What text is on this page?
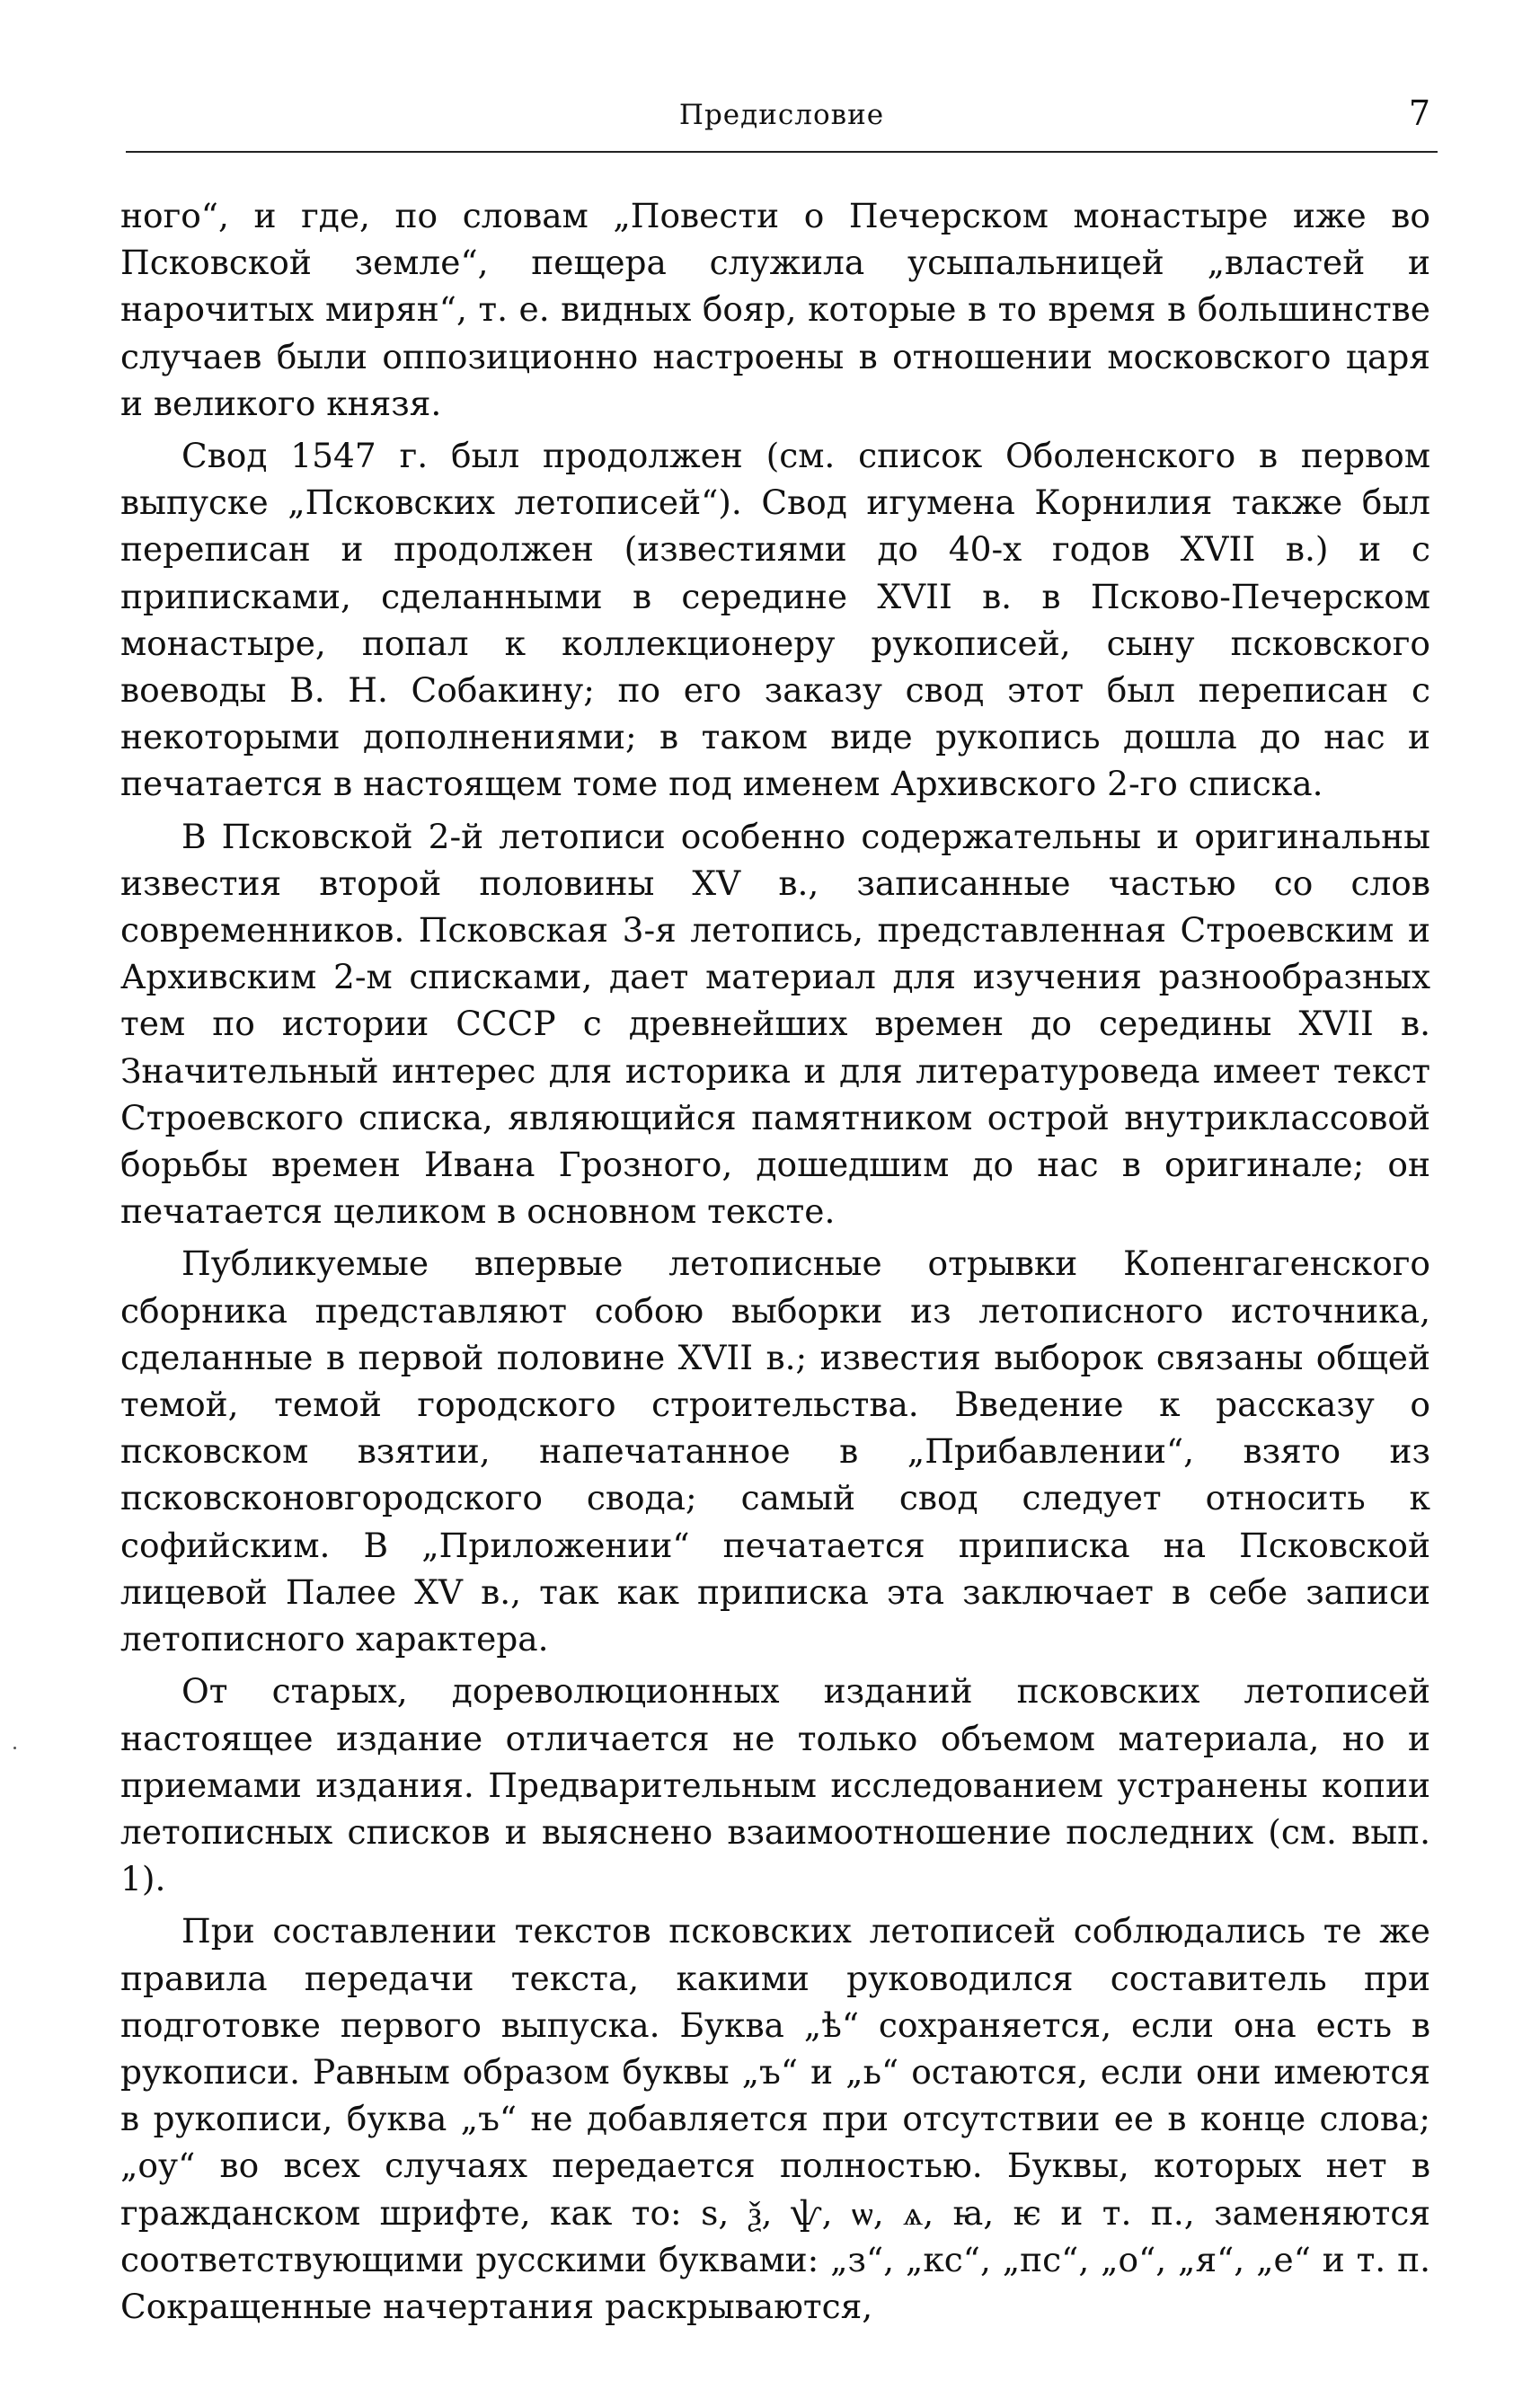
Предисловие	7

ного“, и где, по словам „Повести о Печерском монастыре иже во Псковской земле“, пещера служила усыпальницей „властей и нарочитых мирян“, т. е. видных бояр, которые в то время в большинстве случаев были оппозиционно настроены в отношении московского царя и великого князя.

Свод 1547 г. был продолжен (см. список Оболенского в первом выпуске „Псковских летописей“). Свод игумена Корнилия также был переписан и продолжен (известиями до 40-х годов XVII в.) и с приписками, сделанными в середине XVII в. в Псково-Печерском монастыре, попал к коллекционеру рукописей, сыну псковского воеводы В. Н. Собакину; по его заказу свод этот был переписан с некоторыми дополнениями; в таком виде рукопись дошла до нас и печатается в настоящем томе под именем Архивского 2-го списка.

В Псковской 2-й летописи особенно содержательны и оригинальны известия второй половины XV в., записанные частью со слов современников. Псковская 3-я летопись, представленная Строевским и Архивским 2-м списками, дает материал для изучения разнообразных тем по истории СССР с древнейших времен до середины XVII в. Значительный интерес для историка и для литературоведа имеет текст Строевского списка, являющийся памятником острой внутриклассовой борьбы времен Ивана Грозного, дошедшим до нас в оригинале; он печатается целиком в основном тексте.

Публикуемые впервые летописные отрывки Копенгагенского сборника представляют собою выборки из летописного источника, сделанные в первой половине XVII в.; известия выборок связаны общей темой, темой городского строительства. Введение к рассказу о псковском взятии, напечатанное в „Прибавлении“, взято из псковсконовгородского свода; самый свод следует относить к софийским. В „Приложении“ печатается приписка на Псковской лицевой Палее XV в., так как приписка эта заключает в себе записи летописного характера.

От старых, дореволюционных изданий псковских летописей настоящее издание отличается не только объемом материала, но и приемами издания. Предварительным исследованием устранены копии летописных списков и выяснено взаимоотношение последних (см. вып. 1).

При составлении текстов псковских летописей соблюдались те же правила передачи текста, какими руководился составитель при подготовке первого выпуска. Буква „ѣ“ сохраняется, если она есть в рукописи. Равным образом буквы „ъ“ и „ь“ остаются, если они имеются в рукописи, буква „ъ“ не добавляется при отсутствии ее в конце слова; „оу“ во всех случаях передается полностью. Буквы, которых нет в гражданском шрифте, как то: ѕ, ѯ, ѱ, ѡ, ѧ, ꙗ, ѥ и т. п., заменяются соответствующими русскими буквами: „з“, „кс“, „пс“, „о“, „я“, „е“ и т. п. Сокращенные начертания раскрываются,
